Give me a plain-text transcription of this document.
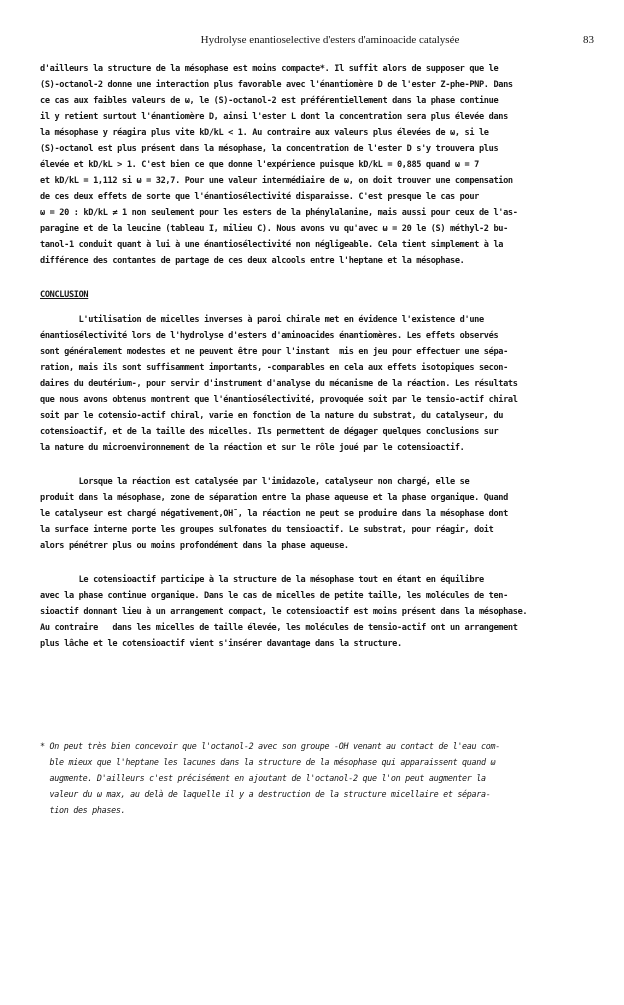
Hydrolyse enantioselective d'esters d'aminoacide catalysée	83
d'ailleurs la structure de la mésophase est moins compacte*. Il suffit alors de supposer que le
(S)-octanol-2 donne une interaction plus favorable avec l'énantiomère D de l'ester Z-phe-PNP. Dans
ce cas aux faibles valeurs de ω, le (S)-octanol-2 est préférentiellement dans la phase continue
il y retient surtout l'énantiomère D, ainsi l'ester L dont la concentration sera plus élevée dans
la mésophase y réagira plus vite kD/kL < 1. Au contraire aux valeurs plus élevées de ω, si le
(S)-octanol est plus présent dans la mésophase, la concentration de l'ester D s'y trouvera plus
élevée et kD/kL > 1. C'est bien ce que donne l'expérience puisque kD/kL = 0,885 quand ω = 7
et kD/kL = 1,112 si ω = 32,7. Pour une valeur intermédiaire de ω, on doit trouver une compensation
de ces deux effets de sorte que l'énantiosélectivité disparaisse. C'est presque le cas pour
ω = 20 : kD/kL ≠ 1 non seulement pour les esters de la phénylalanine, mais aussi pour ceux de l'as-
paragine et de la leucine (tableau I, milieu C). Nous avons vu qu'avec ω = 20 le (S) méthyl-2 bu-
tanol-1 conduit quant à lui à une énantiosélectivité non négligeable. Cela tient simplement à la
différence des contantes de partage de ces deux alcools entre l'heptane et la mésophase.
CONCLUSION
L'utilisation de micelles inverses à paroi chirale met en évidence l'existence d'une
énantiosélectivité lors de l'hydrolyse d'esters d'aminoacides énantiomères. Les effets observés
sont généralement modestes et ne peuvent être pour l'instant  mis en jeu pour effectuer une sépa-
ration, mais ils sont suffisamment importants, -comparables en cela aux effets isotopiques secon-
daires du deutérium-, pour servir d'instrument d'analyse du mécanisme de la réaction. Les résultats
que nous avons obtenus montrent que l'énantiosélectivité, provoquée soit par le tensio-actif chiral
soit par le cotensio-actif chiral, varie en fonction de la nature du substrat, du catalyseur, du
cotensioactif, et de la taille des micelles. Ils permettent de dégager quelques conclusions sur
la nature du microenvironnement de la réaction et sur le rôle joué par le cotensioactif.
Lorsque la réaction est catalysée par l'imidazole, catalyseur non chargé, elle se
produit dans la mésophase, zone de séparation entre la phase aqueuse et la phase organique. Quand
le catalyseur est chargé négativement,OH¯, la réaction ne peut se produire dans la mésophase dont
la surface interne porte les groupes sulfonates du tensioactif. Le substrat, pour réagir, doit
alors pénétrer plus ou moins profondément dans la phase aqueuse.
Le cotensioactif participe à la structure de la mésophase tout en étant en équilibre
avec la phase continue organique. Dans le cas de micelles de petite taille, les molécules de ten-
sioactif donnant lieu à un arrangement compact, le cotensioactif est moins présent dans la mésophase.
Au contraire   dans les micelles de taille élevée, les molécules de tensio-actif ont un arrangement
plus lâche et le cotensioactif vient s'insérer davantage dans la structure.
* On peut très bien concevoir que l'octanol-2 avec son groupe -OH venant au contact de l'eau com-
ble mieux que l'heptane les lacunes dans la structure de la mésophase qui apparaissent quand ω
augmente. D'ailleurs c'est précisément en ajoutant de l'octanol-2 que l'on peut augmenter la
valeur du ω max, au delà de laquelle il y a destruction de la structure micellaire et sépara-
tion des phases.
